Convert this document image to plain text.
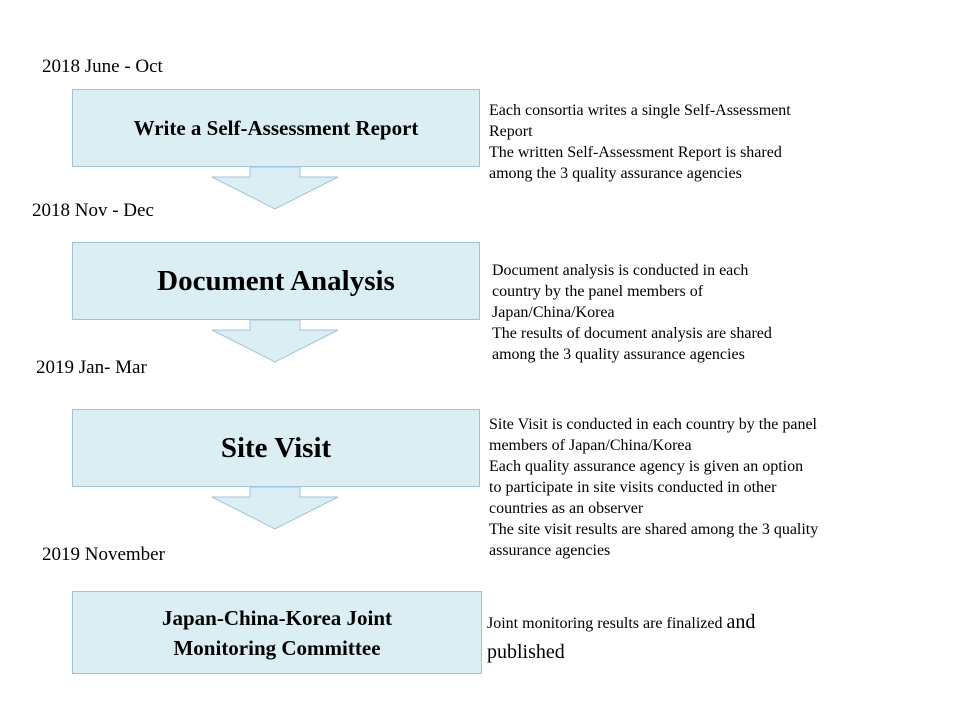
2018 June - Oct
Write a Self-Assessment Report
Each consortia writes a single Self-Assessment
Report
The written Self-Assessment Report is shared
among the 3 quality assurance agencies
2018 Nov - Dec
Document Analysis	Document analysis is conducted in each
country by the panel members of
Japan/China/Korea
The results of document analysis are shared
among the 3 quality assurance agencies
2019 Jan- Mar
Site Visit
Site Visit is conducted in each country by the panel
members of Japan/China/Korea
Each quality assurance agency is given an option
to participate in site visits conducted in other
countries as an observer
The site visit results are shared among the 3 quality
assurance agencies
2019 November
Japan-China-Korea Joint
Monitoring Committee
Joint monitoring results are finalized and
published
